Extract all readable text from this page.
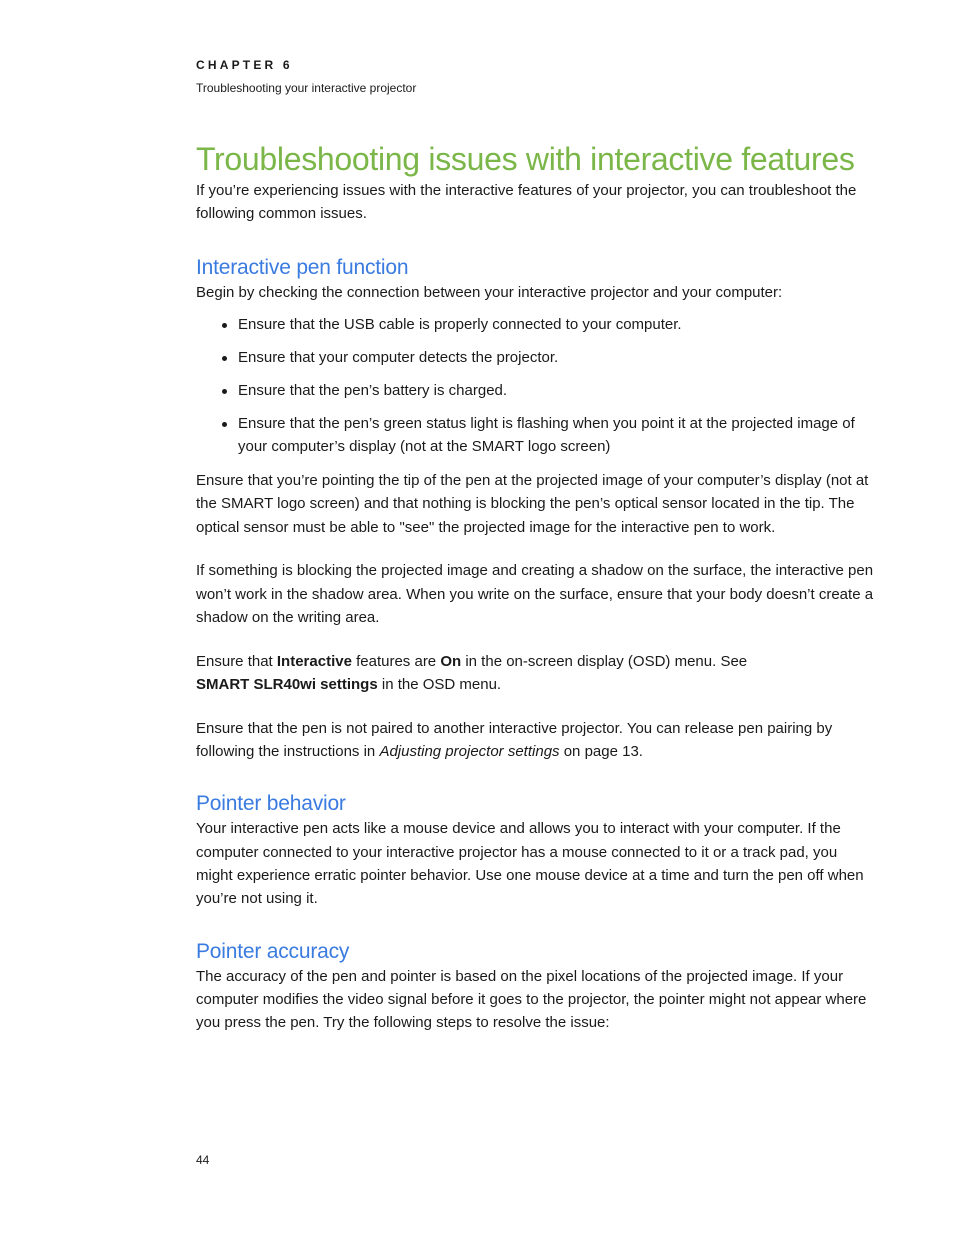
CHAPTER 6
Troubleshooting your interactive projector
Troubleshooting issues with interactive features

If you’re experiencing issues with the interactive features of your projector, you can troubleshoot the following common issues.

Interactive pen function

Begin by checking the connection between your interactive projector and your computer:

Ensure that the USB cable is properly connected to your computer.
Ensure that your computer detects the projector.
Ensure that the pen’s battery is charged.
Ensure that the pen’s green status light is flashing when you point it at the projected image of your computer’s display (not at the SMART logo screen)

Ensure that you’re pointing the tip of the pen at the projected image of your computer’s display (not at the SMART logo screen) and that nothing is blocking the pen’s optical sensor located in the tip. The optical sensor must be able to "see" the projected image for the interactive pen to work.

If something is blocking the projected image and creating a shadow on the surface, the interactive pen won’t work in the shadow area. When you write on the surface, ensure that your body doesn’t create a shadow on the writing area.

Ensure that Interactive features are On in the on-screen display (OSD) menu. See
SMART SLR40wi settings in the OSD menu.

Ensure that the pen is not paired to another interactive projector. You can release pen pairing by following the instructions in Adjusting projector settings on page 13.

Pointer behavior

Your interactive pen acts like a mouse device and allows you to interact with your computer. If the computer connected to your interactive projector has a mouse connected to it or a track pad, you might experience erratic pointer behavior. Use one mouse device at a time and turn the pen off when you’re not using it.

Pointer accuracy

The accuracy of the pen and pointer is based on the pixel locations of the projected image. If your computer modifies the video signal before it goes to the projector, the pointer might not appear where you press the pen. Try the following steps to resolve the issue:

44
